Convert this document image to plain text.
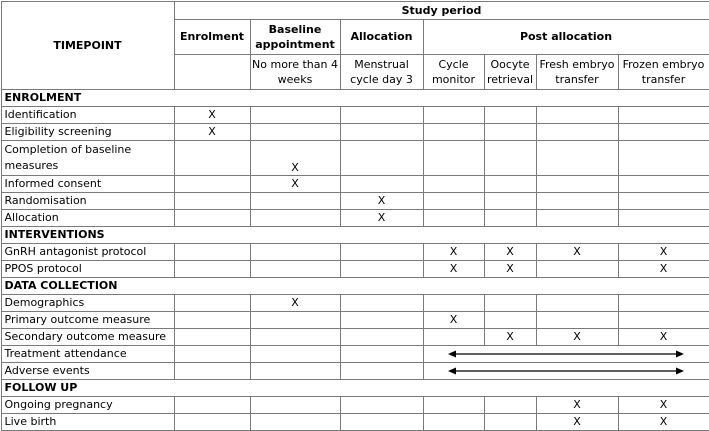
TIMEPOINT	Study period						
	Enrolment	Baseline appointment	Allocation	Post allocation			
		No more than 4 weeks	Menstrual cycle day 3	Cycle monitor	Oocyte retrieval	Fresh embryo transfer	Frozen embryo transfer
ENROLMENT							
Identification	X						
Eligibility screening	X						
Completion of baseline measures		X					
Informed consent		X					
Randomisation			X				
Allocation			X				
INTERVENTIONS							
GnRH antagonist protocol				X	X	X	X
PPOS protocol				X	X		X
DATA COLLECTION							
Demographics		X					
Primary outcome measure				X			
Secondary outcome measure					X	X	X
Treatment attendance				

Adverse events				

FOLLOW UP							
Ongoing pregnancy						X	X
Live birth						X	X
